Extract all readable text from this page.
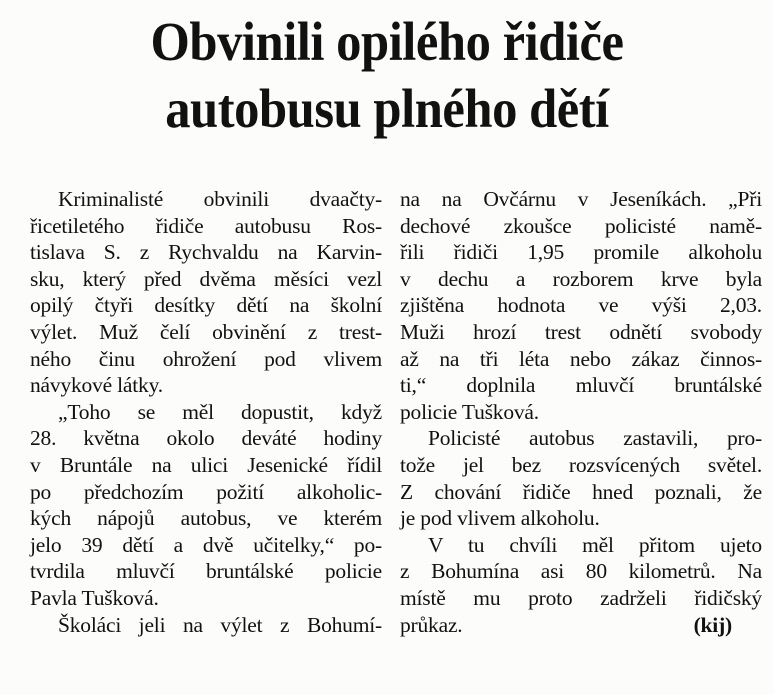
Obvinili opilého řidiče
autobusu plného dětí
Kriminalisté obvinili dvaačty-
řicetiletého řidiče autobusu Ros-
tislava S. z Rychvaldu na Karvin-
sku, který před dvěma měsíci vezl
opilý čtyři desítky dětí na školní
výlet. Muž čelí obvinění z trest-
ného činu ohrožení pod vlivem
návykové látky.
„Toho se měl dopustit, když
28. května okolo deváté hodiny
v Bruntále na ulici Jesenické řídil
po předchozím požití alkoholic-
kých nápojů autobus, ve kterém
jelo 39 dětí a dvě učitelky,“ po-
tvrdila mluvčí bruntálské policie
Pavla Tušková.
Školáci jeli na výlet z Bohumí-
na na Ovčárnu v Jeseníkách. „Při
dechové zkoušce policisté namě-
řili řidiči 1,95 promile alkoholu
v dechu a rozborem krve byla
zjištěna hodnota ve výši 2,03.
Muži hrozí trest odnětí svobody
až na tři léta nebo zákaz činnos-
ti,“ doplnila mluvčí bruntálské
policie Tušková.
Policisté autobus zastavili, pro-
tože jel bez rozsvícených světel.
Z chování řidiče hned poznali, že
je pod vlivem alkoholu.
V tu chvíli měl přitom ujeto
z Bohumína asi 80 kilometrů. Na
místě mu proto zadrželi řidičský
průkaz.	(kij)
